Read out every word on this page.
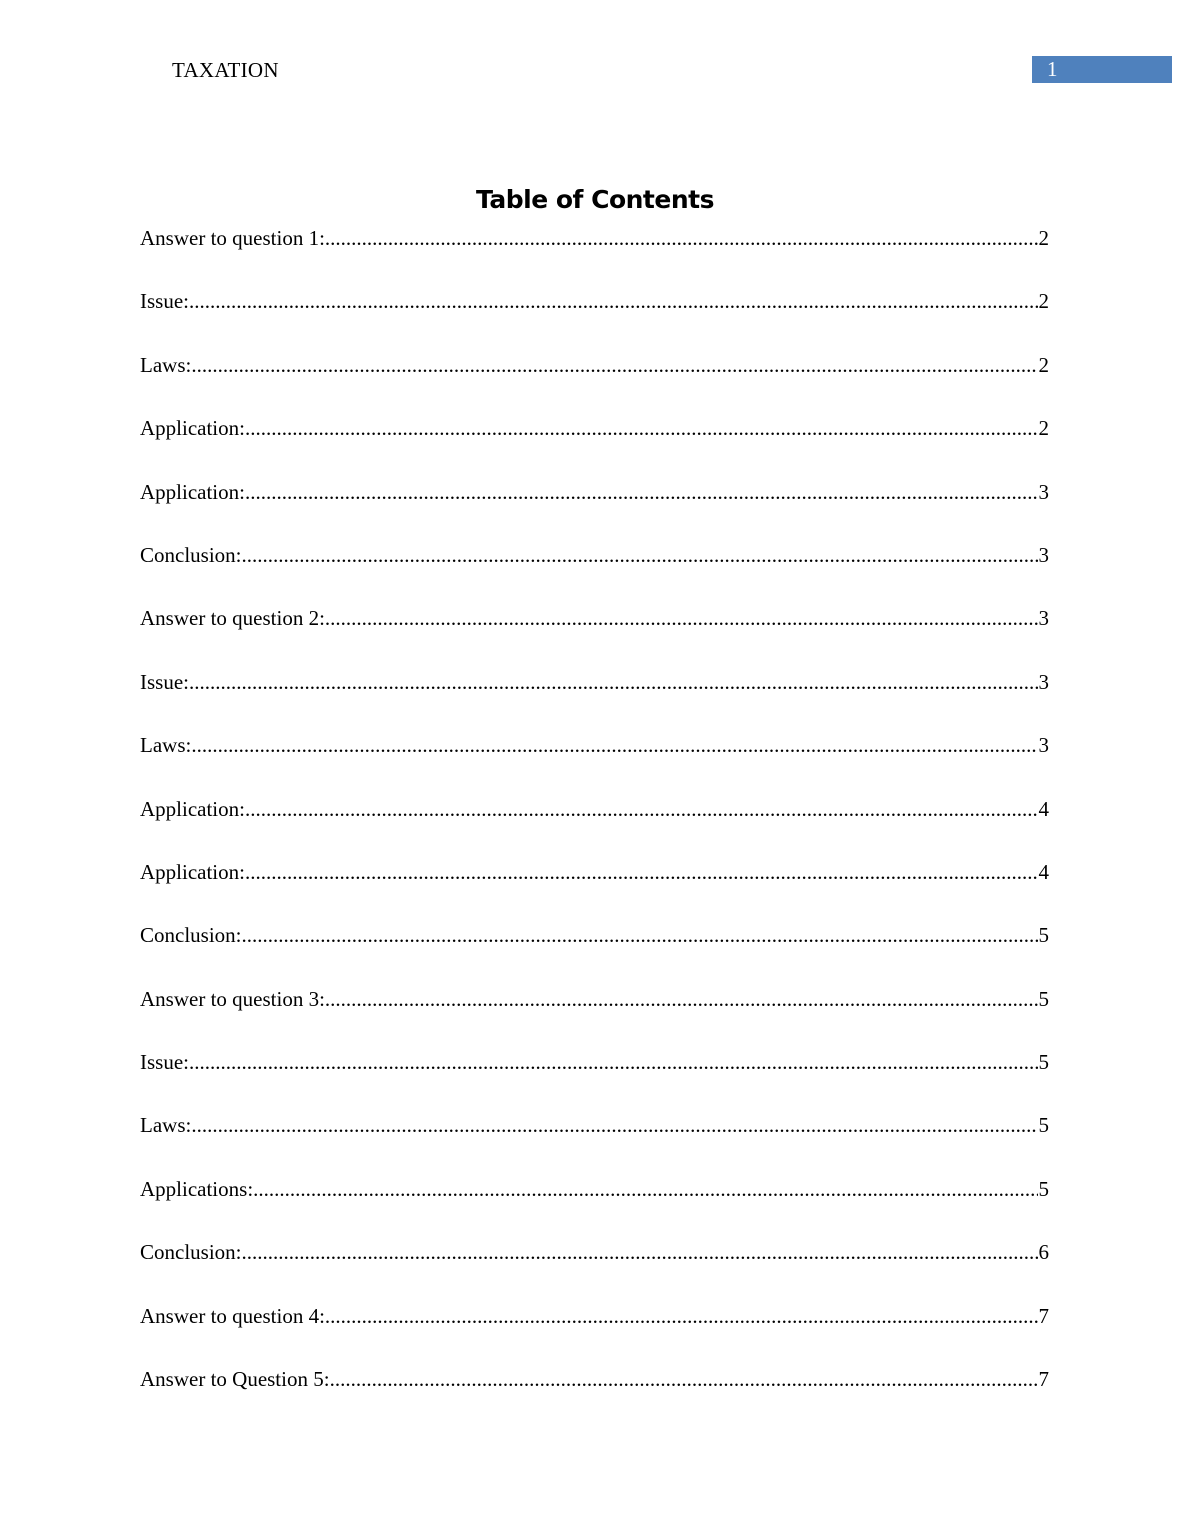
TAXATION	1
Table of Contents
Answer to question 1: .....	2
Issue: .....	2
Laws: .....	2
Application: .....	2
Application: .....	3
Conclusion: .....	3
Answer to question 2: .....	3
Issue: .....	3
Laws: .....	3
Application: .....	4
Application: .....	4
Conclusion: .....	5
Answer to question 3: .....	5
Issue: .....	5
Laws: .....	5
Applications: .....	5
Conclusion: .....	6
Answer to question 4: .....	7
Answer to Question 5: .....	7
